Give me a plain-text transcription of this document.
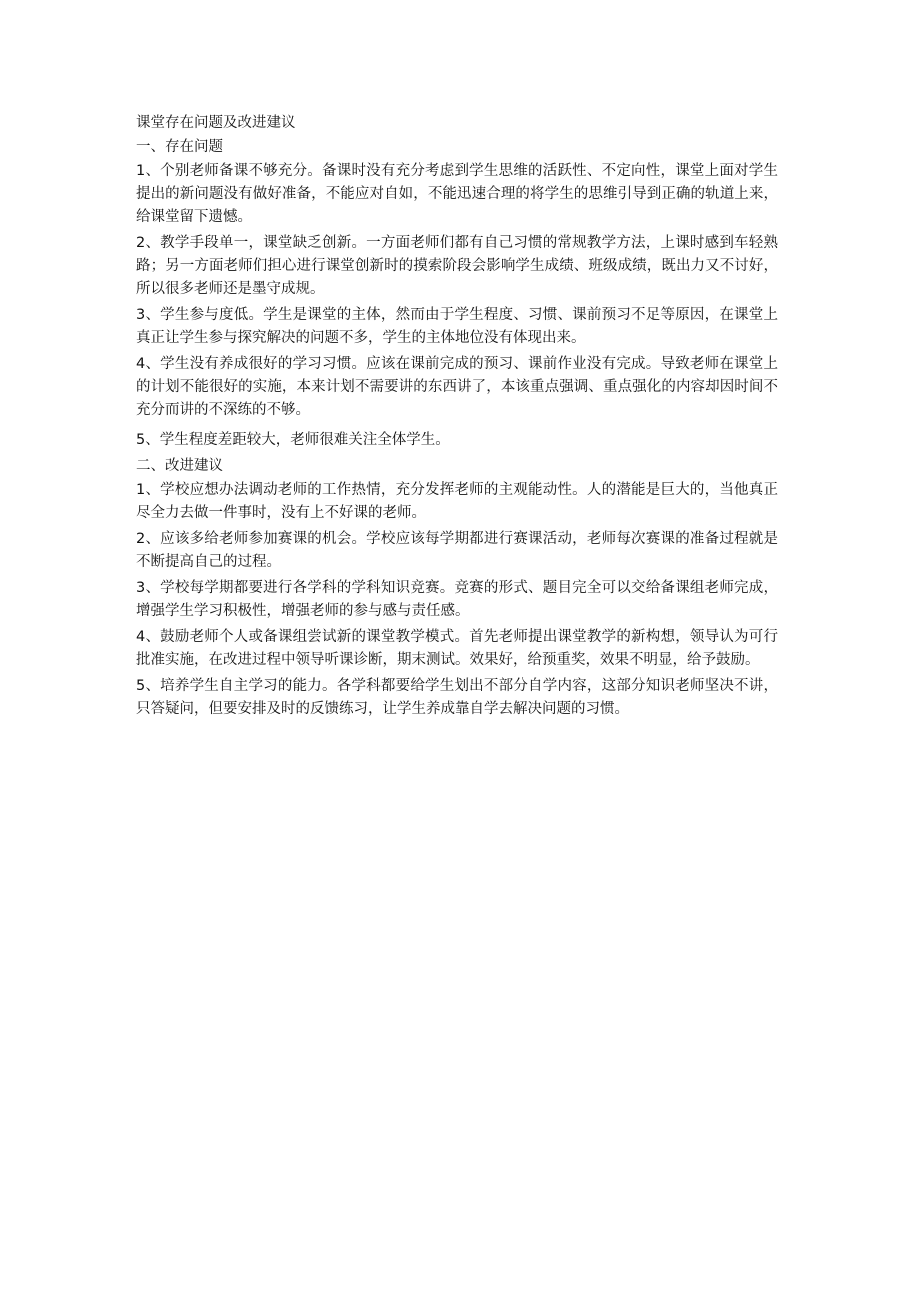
课堂存在问题及改进建议
一、存在问题

1、个别老师备课不够充分。备课时没有充分考虑到学生思维的活跃性、不定向性，课堂上面对学生提出的新问题没有做好准备，不能应对自如，不能迅速合理的将学生的思维引导到正确的轨道上来，给课堂留下遗憾。

2、教学手段单一，课堂缺乏创新。一方面老师们都有自己习惯的常规教学方法，上课时感到车轻熟路；另一方面老师们担心进行课堂创新时的摸索阶段会影响学生成绩、班级成绩，既出力又不讨好，所以很多老师还是墨守成规。

3、学生参与度低。学生是课堂的主体，然而由于学生程度、习惯、课前预习不足等原因，在课堂上真正让学生参与探究解决的问题不多，学生的主体地位没有体现出来。

4、学生没有养成很好的学习习惯。应该在课前完成的预习、课前作业没有完成。导致老师在课堂上的计划不能很好的实施，本来计划不需要讲的东西讲了，本该重点强调、重点强化的内容却因时间不充分而讲的不深练的不够。

5、学生程度差距较大，老师很难关注全体学生。

二、改进建议

1、学校应想办法调动老师的工作热情，充分发挥老师的主观能动性。人的潜能是巨大的，当他真正尽全力去做一件事时，没有上不好课的老师。

2、应该多给老师参加赛课的机会。学校应该每学期都进行赛课活动，老师每次赛课的准备过程就是不断提高自己的过程。

3、学校每学期都要进行各学科的学科知识竞赛。竞赛的形式、题目完全可以交给备课组老师完成，增强学生学习积极性，增强老师的参与感与责任感。

4、鼓励老师个人或备课组尝试新的课堂教学模式。首先老师提出课堂教学的新构想，领导认为可行批准实施，在改进过程中领导听课诊断，期末测试。效果好，给预重奖，效果不明显，给予鼓励。

5、培养学生自主学习的能力。各学科都要给学生划出不部分自学内容，这部分知识老师坚决不讲，只答疑问，但要安排及时的反馈练习，让学生养成靠自学去解决问题的习惯。
